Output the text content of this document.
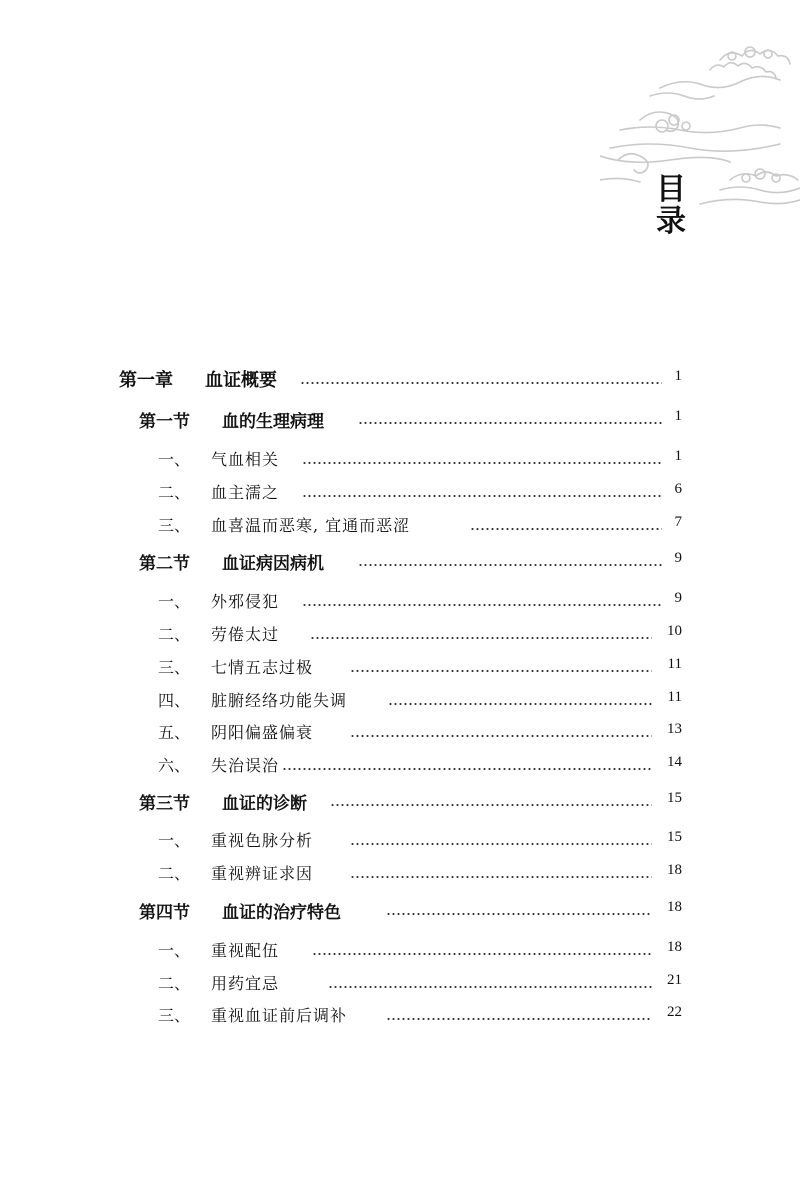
目
录
第一章 血证概要	1
第一节 血的生理病理	1
一、 气血相关	1
二、 血主濡之	6
三、 血喜温而恶寒, 宜通而恶涩	7
第二节 血证病因病机	9
一、 外邪侵犯	9
二、 劳倦太过	10
三、 七情五志过极	11
四、 脏腑经络功能失调	11
五、 阴阳偏盛偏衰	13
六、 失治误治	14
第三节 血证的诊断	15
一、 重视色脉分析	15
二、 重视辨证求因	18
第四节 血证的治疗特色	18
一、 重视配伍	18
二、 用药宜忌	21
三、 重视血证前后调补	22
